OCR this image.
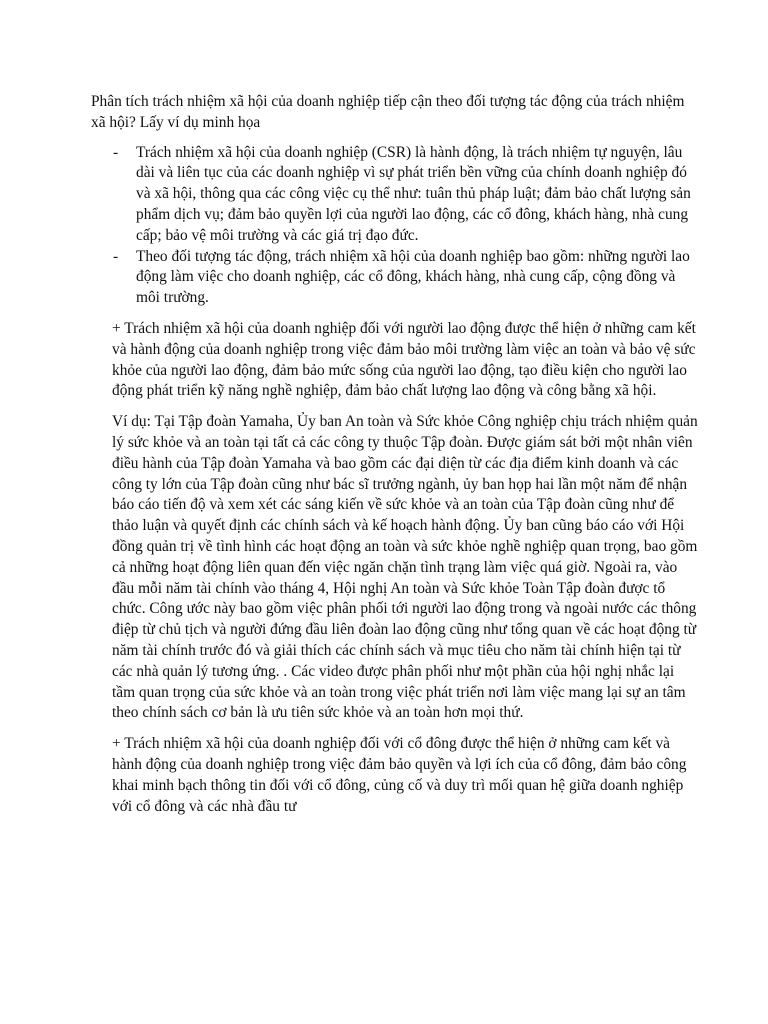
Phân tích trách nhiệm xã hội của doanh nghiệp tiếp cận theo đối tượng tác động của trách nhiệm xã hội? Lấy ví dụ minh họa

- Trách nhiệm xã hội của doanh nghiệp (CSR) là hành động, là trách nhiệm tự nguyện, lâu dài và liên tục của các doanh nghiệp vì sự phát triển bền vững của chính doanh nghiệp đó và xã hội, thông qua các công việc cụ thể như: tuân thủ pháp luật; đảm bảo chất lượng sản phẩm dịch vụ; đảm bảo quyền lợi của người lao động, các cổ đông, khách hàng, nhà cung cấp; bảo vệ môi trường và các giá trị đạo đức.
- Theo đối tượng tác động, trách nhiệm xã hội của doanh nghiệp bao gồm: những người lao động làm việc cho doanh nghiệp, các cổ đông, khách hàng, nhà cung cấp, cộng đồng và môi trường.

+ Trách nhiệm xã hội của doanh nghiệp đối với người lao động được thể hiện ở những cam kết và hành động của doanh nghiệp trong việc đảm bảo môi trường làm việc an toàn và bảo vệ sức khỏe của người lao động, đảm bảo mức sống của người lao động, tạo điều kiện cho người lao động phát triển kỹ năng nghề nghiệp, đảm bảo chất lượng lao động và công bằng xã hội.

Ví dụ: Tại Tập đoàn Yamaha, Ủy ban An toàn và Sức khỏe Công nghiệp chịu trách nhiệm quản lý sức khỏe và an toàn tại tất cả các công ty thuộc Tập đoàn. Được giám sát bởi một nhân viên điều hành của Tập đoàn Yamaha và bao gồm các đại diện từ các địa điểm kinh doanh và các công ty lớn của Tập đoàn cũng như bác sĩ trưởng ngành, ủy ban họp hai lần một năm để nhận báo cáo tiến độ và xem xét các sáng kiến về sức khỏe và an toàn của Tập đoàn cũng như để thảo luận và quyết định các chính sách và kế hoạch hành động. Ủy ban cũng báo cáo với Hội đồng quản trị về tình hình các hoạt động an toàn và sức khỏe nghề nghiệp quan trọng, bao gồm cả những hoạt động liên quan đến việc ngăn chặn tình trạng làm việc quá giờ. Ngoài ra, vào đầu mỗi năm tài chính vào tháng 4, Hội nghị An toàn và Sức khỏe Toàn Tập đoàn được tổ chức. Công ước này bao gồm việc phân phối tới người lao động trong và ngoài nước các thông điệp từ chủ tịch và người đứng đầu liên đoàn lao động cũng như tổng quan về các hoạt động từ năm tài chính trước đó và giải thích các chính sách và mục tiêu cho năm tài chính hiện tại từ các nhà quản lý tương ứng. . Các video được phân phối như một phần của hội nghị nhắc lại tầm quan trọng của sức khỏe và an toàn trong việc phát triển nơi làm việc mang lại sự an tâm theo chính sách cơ bản là ưu tiên sức khỏe và an toàn hơn mọi thứ.

+ Trách nhiệm xã hội của doanh nghiệp đối với cổ đông được thể hiện ở những cam kết và hành động của doanh nghiệp trong việc đảm bảo quyền và lợi ích của cổ đông, đảm bảo công khai minh bạch thông tin đối với cổ đông, củng cố và duy trì mối quan hệ giữa doanh nghiệp với cổ đông và các nhà đầu tư
